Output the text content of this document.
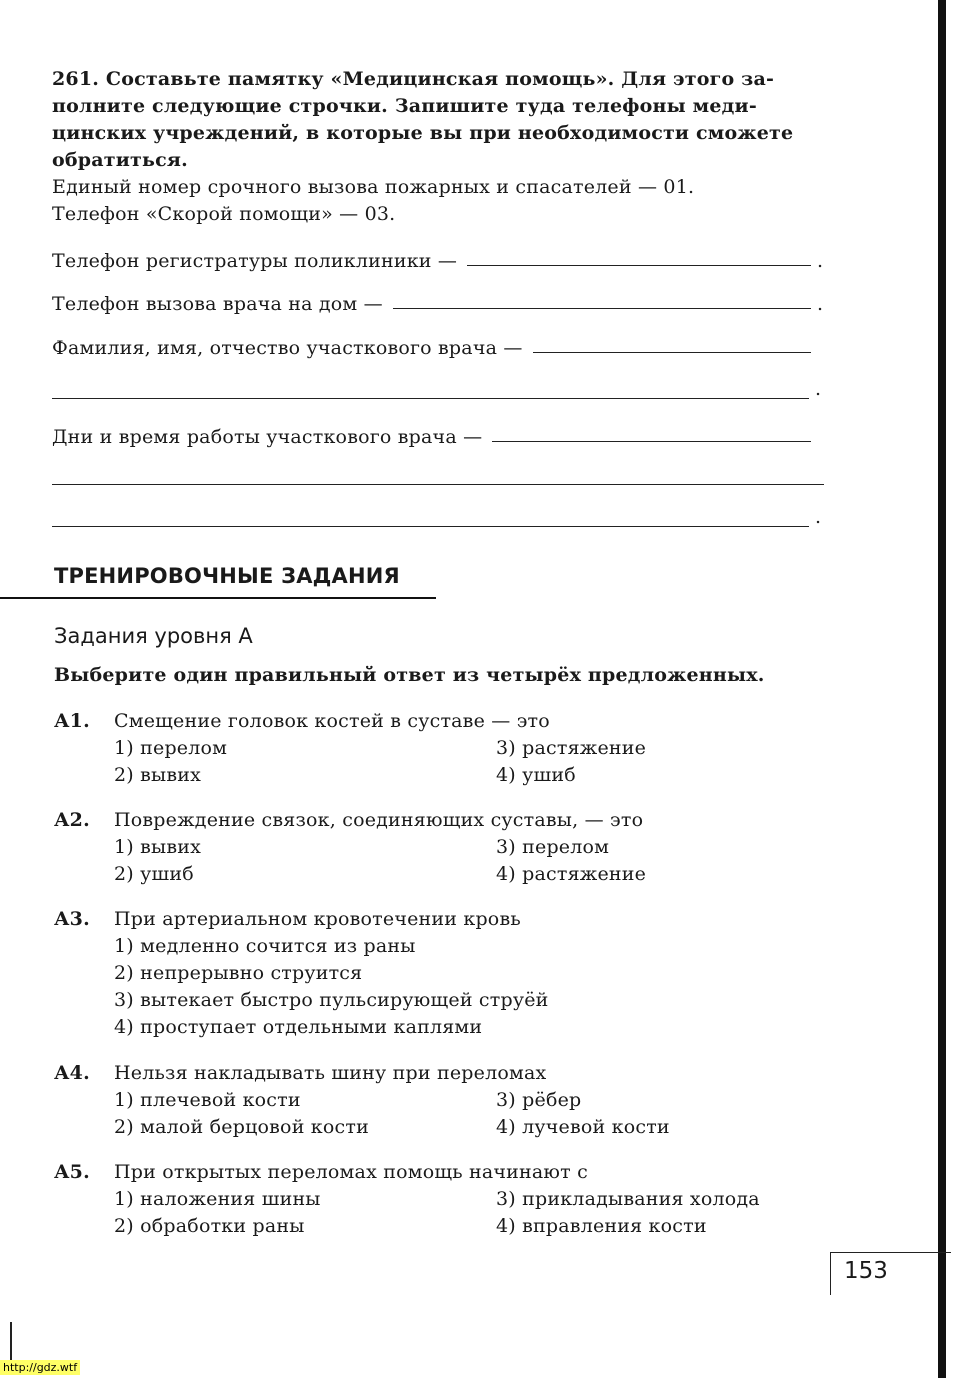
261. Составьте памятку «Медицинская помощь». Для этого за-

полните следующие строчки. Запишите туда телефоны меди-

цинских учреждений, в которые вы при необходимости сможете

обратиться.

Единый номер срочного вызова пожарных и спасателей — 01.

Телефон «Скорой помощи» — 03.

Телефон регистратуры поликлиники —	.
Телефон вызова врача на дом —	.
Фамилия, имя, отчество участкового врача —
.
Дни и время работы участкового врача —
.
ТРЕНИРОВОЧНЫЕ ЗАДАНИЯ
Задания уровня А
Выберите один правильный ответ из четырёх предложенных.
А1. Смещение головок костей в суставе — это
1) перелом
2) вывих
3) растяжение
4) ушиб
А2. Повреждение связок, соединяющих суставы, — это
1) вывих
2) ушиб
3) перелом
4) растяжение
А3. При артериальном кровотечении кровь
1) медленно сочится из раны
2) непрерывно струится
3) вытекает быстро пульсирующей струёй
4) проступает отдельными каплями
А4. Нельзя накладывать шину при переломах
1) плечевой кости
2) малой берцовой кости
3) рёбер
4) лучевой кости
А5. При открытых переломах помощь начинают с
1) наложения шины
2) обработки раны
3) прикладывания холода
4) вправления кости
153
http://gdz.wtf
